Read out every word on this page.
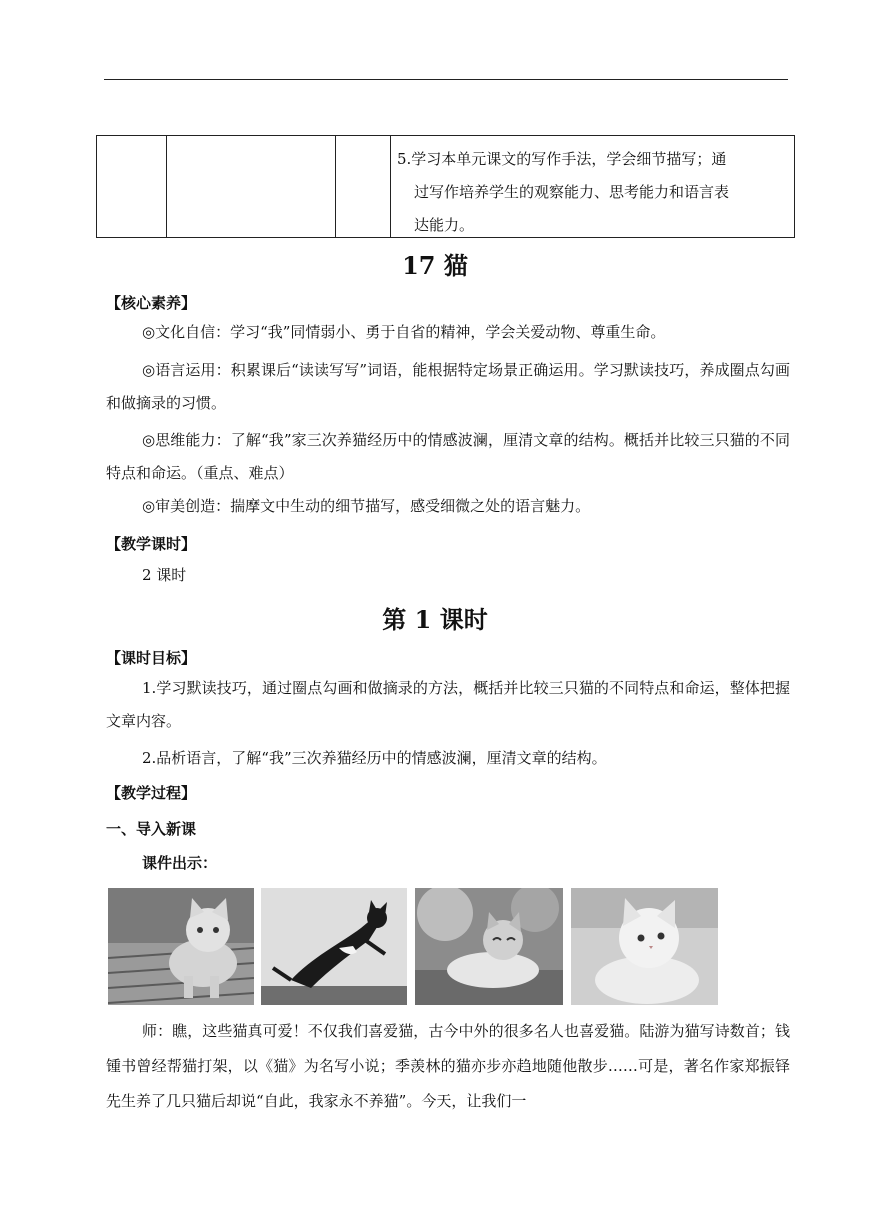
5.学习本单元课文的写作手法，学会细节描写；通
过写作培养学生的观察能力、思考能力和语言表
达能力。
17 猫
【核心素养】
◎文化自信：学习“我”同情弱小、勇于自省的精神，学会关爱动物、尊重生命。
◎语言运用：积累课后“读读写写”词语，能根据特定场景正确运用。学习默读技巧，养成圈点勾画和做摘录的习惯。
◎思维能力：了解“我”家三次养猫经历中的情感波澜，厘清文章的结构。概括并比较三只猫的不同特点和命运。（重点、难点）
◎审美创造：揣摩文中生动的细节描写，感受细微之处的语言魅力。
【教学课时】
2 课时
第 1 课时
【课时目标】
1.学习默读技巧，通过圈点勾画和做摘录的方法，概括并比较三只猫的不同特点和命运，整体把握文章内容。
2.品析语言，了解“我”三次养猫经历中的情感波澜，厘清文章的结构。
【教学过程】
一、导入新课
课件出示：
师：瞧，这些猫真可爱！不仅我们喜爱猫，古今中外的很多名人也喜爱猫。陆游为猫写诗数首；钱锺书曾经帮猫打架，以《猫》为名写小说；季羡林的猫亦步亦趋地随他散步……可是，著名作家郑振铎先生养了几只猫后却说“自此，我家永不养猫”。今天，让我们一
